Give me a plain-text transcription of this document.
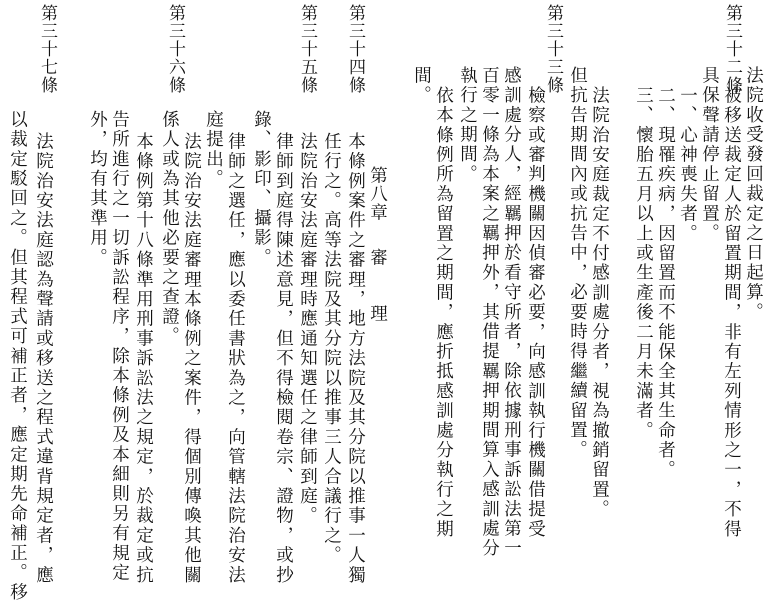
第三十二條
法院收受發回裁定之日起算。
被移送裁定人於留置期間，非有左列情形之一，不得
具保聲請停止留置。
一、心神喪失者。
二、現罹疾病，因留置而不能保全其生命者。
三、懷胎五月以上或生產後二月未滿者。
法院治安庭裁定不付感訓處分者，視為撤銷留置。
但抗告期間內或抗告中，必要時得繼續留置。
第三十三條
檢察或審判機關因偵審必要，向感訓執行機關借提受
感訓處分人，經羈押於看守所者，除依據刑事訴訟法第一
百零一條為本案之羈押外，其借提羈押期間算入感訓處分
執行之期間。
依本條例所為留置之期間，應折抵感訓處分執行之期
間。
第八章
審
理
第三十四條
本條例案件之審理，地方法院及其分院以推事一人獨
任行之。高等法院及其分院以推事三人合議行之。
第三十五條
法院治安法庭審理時應通知選任之律師到庭。
律師到庭得陳述意見，但不得檢閱卷宗、證物，或抄
錄、影印、攝影。
第三十六條
律師之選任，應以委任書狀為之，向管轄法院治安法
庭提出。
法院治安法庭審理本條例之案件，得個別傳喚其他關
係人或為其他必要之查證。
第三十七條
本條例第十八條準用刑事訴訟法之規定，於裁定或抗
告所進行之一切訴訟程序，除本條例及本細則另有規定
外，均有其準用。
法院治安法庭認為聲請或移送之程式違背規定者，應
以裁定駁回之。但其程式可補正者，應定期先命補正。移
